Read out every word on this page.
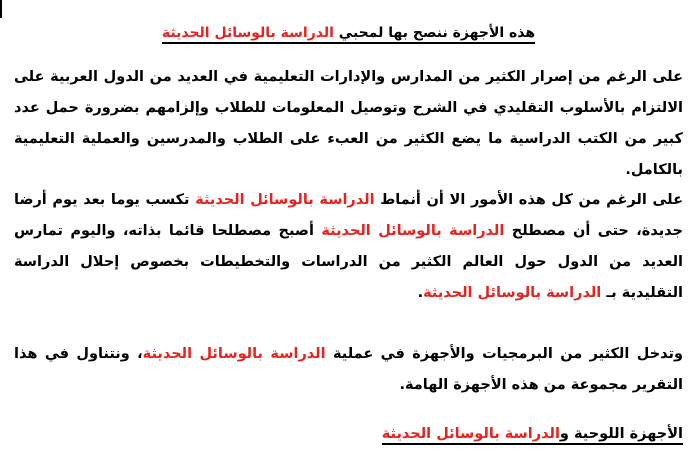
هذه الأجهزة ننصح بها لمحبي الدراسة بالوسائل الحديثة

على الرغم من إصرار الكثير من المدارس والإدارات التعليمية في العديد من الدول العربية على الالتزام بالأسلوب التقليدي في الشرح وتوصيل المعلومات للطلاب وإلزامهم بضرورة حمل عدد كبير من الكتب الدراسية ما يضع الكثير من العبء على الطلاب والمدرسين والعملية التعليمية بالكامل.

على الرغم من كل هذه الأمور الا أن أنماط الدراسة بالوسائل الحديثة تكسب يوما بعد يوم أرضا جديدة، حتى أن مصطلح الدراسة بالوسائل الحديثة أصبح مصطلحا قائما بذاته، واليوم تمارس العديد من الدول حول العالم الكثير من الدراسات والتخطيطات بخصوص إحلال الدراسة التقليدية بـ الدراسة بالوسائل الحديثة.

وتدخل الكثير من البرمجيات والأجهزة في عملية الدراسة بالوسائل الحديثة، ونتناول في هذا التقرير مجموعة من هذه الأجهزة الهامة.

الأجهزة اللوحية والدراسة بالوسائل الحديثة
